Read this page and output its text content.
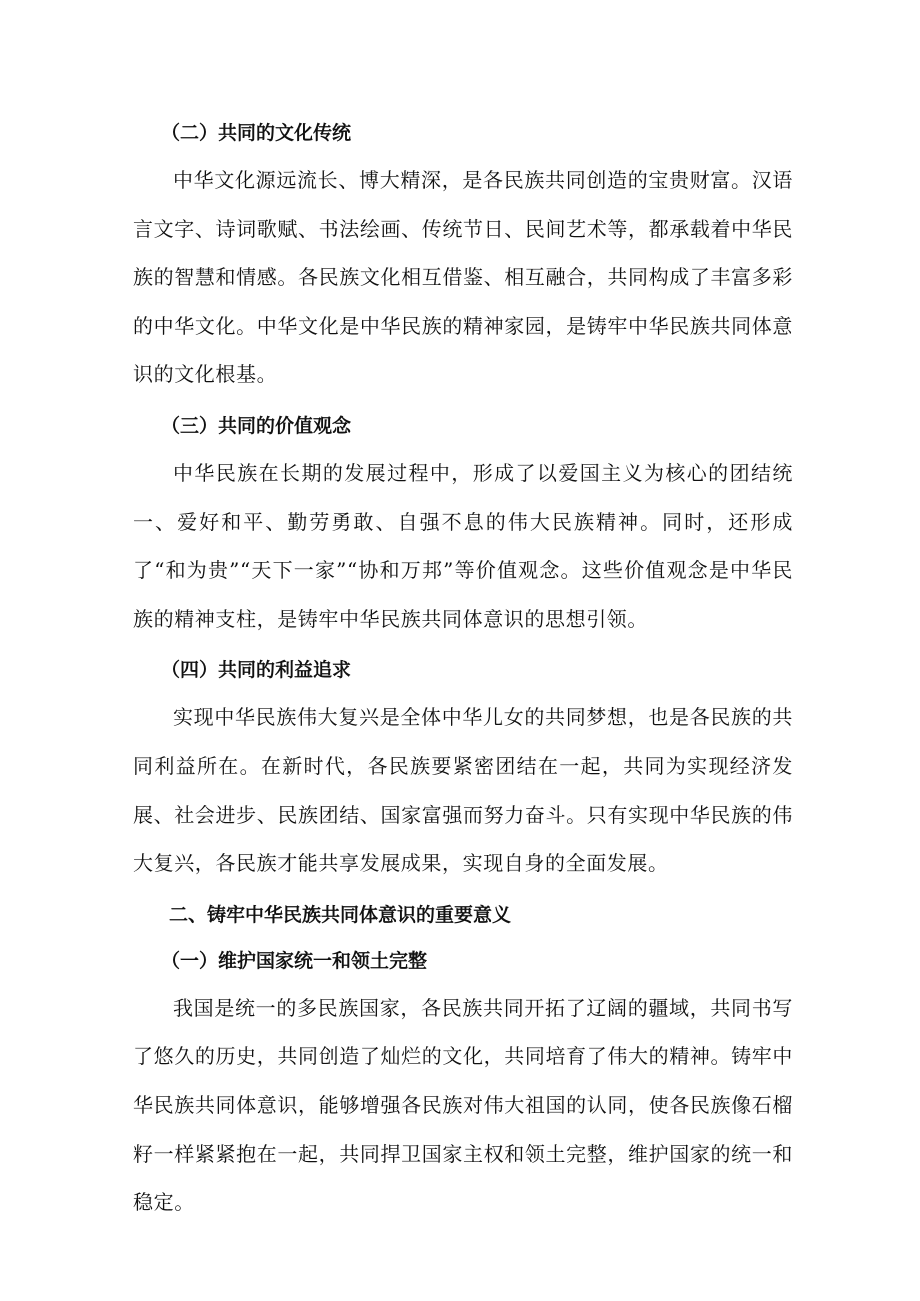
（二）共同的文化传统

中华文化源远流长、博大精深，是各民族共同创造的宝贵财富。汉语言文字、诗词歌赋、书法绘画、传统节日、民间艺术等，都承载着中华民族的智慧和情感。各民族文化相互借鉴、相互融合，共同构成了丰富多彩的中华文化。中华文化是中华民族的精神家园，是铸牢中华民族共同体意识的文化根基。

（三）共同的价值观念

中华民族在长期的发展过程中，形成了以爱国主义为核心的团结统一、爱好和平、勤劳勇敢、自强不息的伟大民族精神。同时，还形成了“和为贵”“天下一家”“协和万邦”等价值观念。这些价值观念是中华民族的精神支柱，是铸牢中华民族共同体意识的思想引领。

（四）共同的利益追求

实现中华民族伟大复兴是全体中华儿女的共同梦想，也是各民族的共同利益所在。在新时代，各民族要紧密团结在一起，共同为实现经济发展、社会进步、民族团结、国家富强而努力奋斗。只有实现中华民族的伟大复兴，各民族才能共享发展成果，实现自身的全面发展。

二、铸牢中华民族共同体意识的重要意义
（一）维护国家统一和领土完整

我国是统一的多民族国家，各民族共同开拓了辽阔的疆域，共同书写了悠久的历史，共同创造了灿烂的文化，共同培育了伟大的精神。铸牢中华民族共同体意识，能够增强各民族对伟大祖国的认同，使各民族像石榴籽一样紧紧抱在一起，共同捍卫国家主权和领土完整，维护国家的统一和稳定。
